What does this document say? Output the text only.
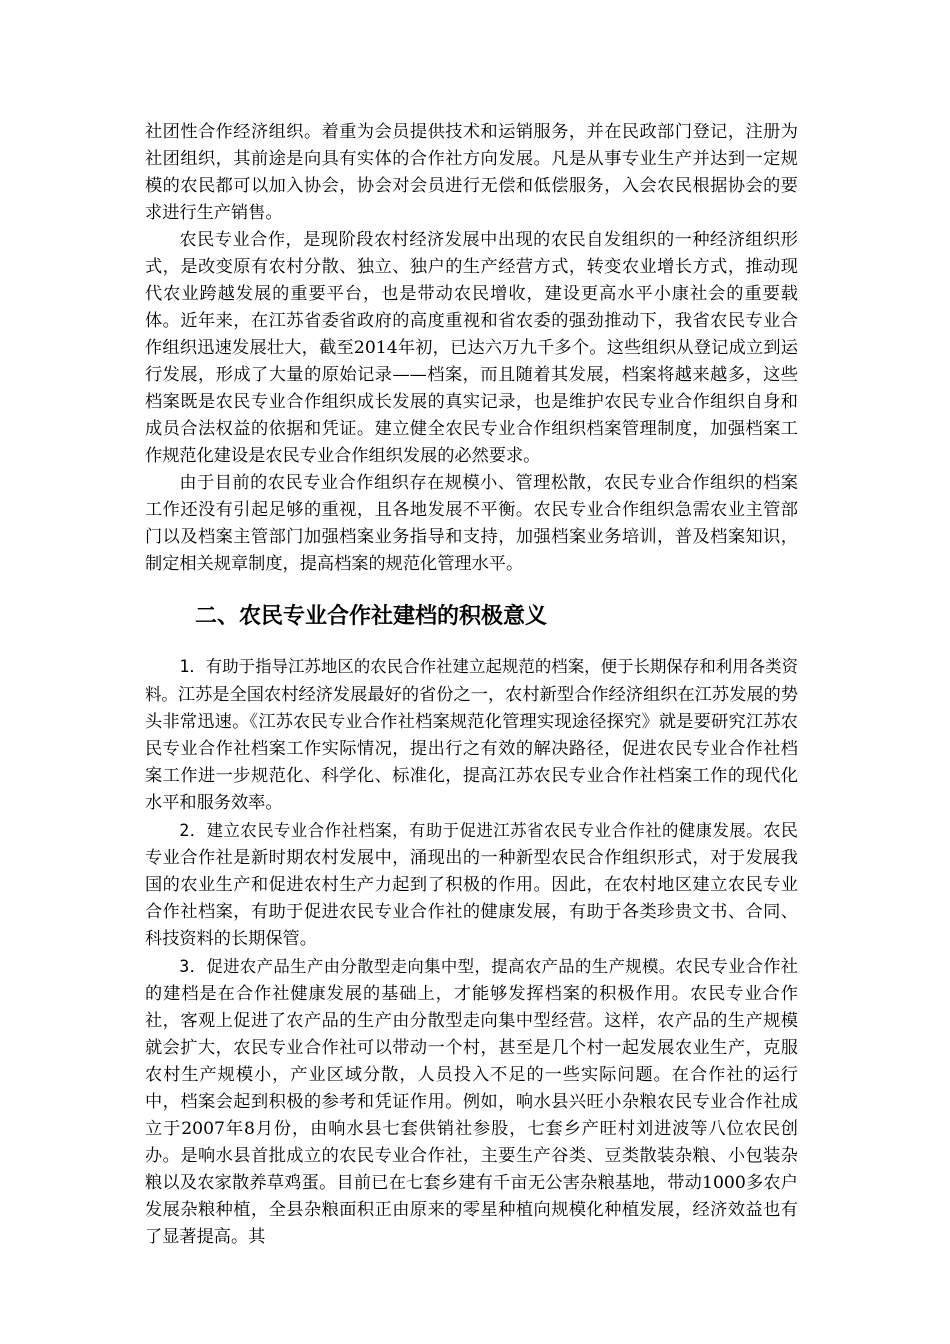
社团性合作经济组织。着重为会员提供技术和运销服务，并在民政部门登记，注册为社团组织，其前途是向具有实体的合作社方向发展。凡是从事专业生产并达到一定规模的农民都可以加入协会，协会对会员进行无偿和低偿服务，入会农民根据协会的要求进行生产销售。

农民专业合作，是现阶段农村经济发展中出现的农民自发组织的一种经济组织形式，是改变原有农村分散、独立、独户的生产经营方式，转变农业增长方式，推动现代农业跨越发展的重要平台，也是带动农民增收，建设更高水平小康社会的重要载体。近年来，在江苏省委省政府的高度重视和省农委的强劲推动下，我省农民专业合作组织迅速发展壮大，截至2014年初，已达六万九千多个。这些组织从登记成立到运行发展，形成了大量的原始记录——档案，而且随着其发展，档案将越来越多，这些档案既是农民专业合作组织成长发展的真实记录，也是维护农民专业合作组织自身和成员合法权益的依据和凭证。建立健全农民专业合作组织档案管理制度，加强档案工作规范化建设是农民专业合作组织发展的必然要求。

由于目前的农民专业合作组织存在规模小、管理松散，农民专业合作组织的档案工作还没有引起足够的重视，且各地发展不平衡。农民专业合作组织急需农业主管部门以及档案主管部门加强档案业务指导和支持，加强档案业务培训，普及档案知识，制定相关规章制度，提高档案的规范化管理水平。

二、农民专业合作社建档的积极意义

1．有助于指导江苏地区的农民合作社建立起规范的档案，便于长期保存和利用各类资料。江苏是全国农村经济发展最好的省份之一，农村新型合作经济组织在江苏发展的势头非常迅速。《江苏农民专业合作社档案规范化管理实现途径探究》就是要研究江苏农民专业合作社档案工作实际情况，提出行之有效的解决路径，促进农民专业合作社档案工作进一步规范化、科学化、标准化，提高江苏农民专业合作社档案工作的现代化水平和服务效率。

2．建立农民专业合作社档案，有助于促进江苏省农民专业合作社的健康发展。农民专业合作社是新时期农村发展中，涌现出的一种新型农民合作组织形式，对于发展我国的农业生产和促进农村生产力起到了积极的作用。因此，在农村地区建立农民专业合作社档案，有助于促进农民专业合作社的健康发展，有助于各类珍贵文书、合同、科技资料的长期保管。

3．促进农产品生产由分散型走向集中型，提高农产品的生产规模。农民专业合作社的建档是在合作社健康发展的基础上，才能够发挥档案的积极作用。农民专业合作社，客观上促进了农产品的生产由分散型走向集中型经营。这样，农产品的生产规模就会扩大，农民专业合作社可以带动一个村，甚至是几个村一起发展农业生产，克服农村生产规模小，产业区域分散，人员投入不足的一些实际问题。在合作社的运行中，档案会起到积极的参考和凭证作用。例如，响水县兴旺小杂粮农民专业合作社成立于2007年8月份，由响水县七套供销社参股，七套乡产旺村刘进波等八位农民创办。是响水县首批成立的农民专业合作社，主要生产谷类、豆类散装杂粮、小包装杂粮以及农家散养草鸡蛋。目前已在七套乡建有千亩无公害杂粮基地，带动1000多农户发展杂粮种植，全县杂粮面积正由原来的零星种植向规模化种植发展，经济效益也有了显著提高。其
